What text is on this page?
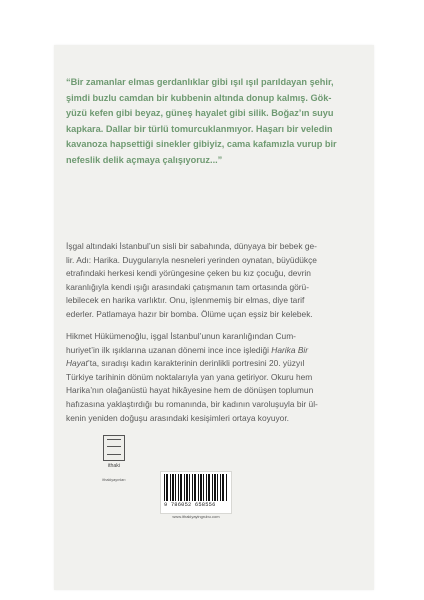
“Bir zamanlar elmas gerdanlıklar gibi ışıl ışıl parıldayan şehir,
şimdi buzlu camdan bir kubbenin altında donup kalmış. Gök-
yüzü kefen gibi beyaz, güneş hayalet gibi silik. Boğaz’ın suyu
kapkara. Dallar bir türlü tomurcuklanmıyor. Haşarı bir veledin
kavanoza hapsettiği sinekler gibiyiz, cama kafamızla vurup bir
nefeslik delik açmaya çalışıyoruz...”

İşgal altındaki İstanbul’un sisli bir sabahında, dünyaya bir bebek ge-
lir. Adı: Harika. Duygularıyla nesneleri yerinden oynatan, büyüdükçe
etrafındaki herkesi kendi yörüngesine çeken bu kız çocuğu, devrin
karanlığıyla kendi ışığı arasındaki çatışmanın tam ortasında görü-
lebilecek en harika varlıktır. Onu, işlenmemiş bir elmas, diye tarif
ederler. Patlamaya hazır bir bomba. Ölüme uçan eşsiz bir kelebek.

Hikmet Hükümenoğlu, işgal İstanbul’unun karanlığından Cum-
huriyet’in ilk ışıklarına uzanan dönemi ince ince işlediği Harika Bir
Hayat’ta, sıradışı kadın karakterinin derinlikli portresini 20. yüzyıl
Türkiye tarihinin dönüm noktalarıyla yan yana getiriyor. Okuru hem
Harika’nın olağanüstü hayat hikâyesine hem de dönüşen toplumun
hafızasına yaklaştırdığı bu romanında, bir kadının varoluşuyla bir ül-
kenin yeniden doğuşu arasındaki kesişimleri ortaya koyuyor.

ithaki
ithakiyayınları
9 786052 658556
www.ithakiyayingrubu.com
